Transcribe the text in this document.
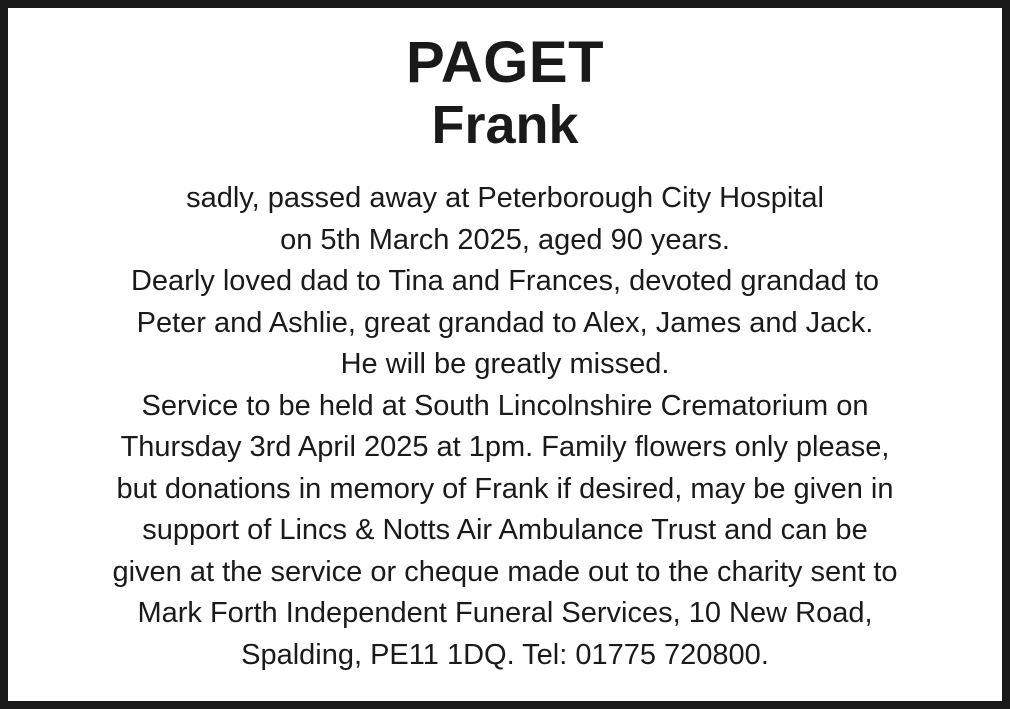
PAGET
Frank
sadly, passed away at Peterborough City Hospital
on 5th March 2025, aged 90 years.
Dearly loved dad to Tina and Frances, devoted grandad to
Peter and Ashlie, great grandad to Alex, James and Jack.
He will be greatly missed.
Service to be held at South Lincolnshire Crematorium on
Thursday 3rd April 2025 at 1pm. Family flowers only please,
but donations in memory of Frank if desired, may be given in
support of Lincs & Notts Air Ambulance Trust and can be
given at the service or cheque made out to the charity sent to
Mark Forth Independent Funeral Services, 10 New Road,
Spalding, PE11 1DQ. Tel: 01775 720800.
